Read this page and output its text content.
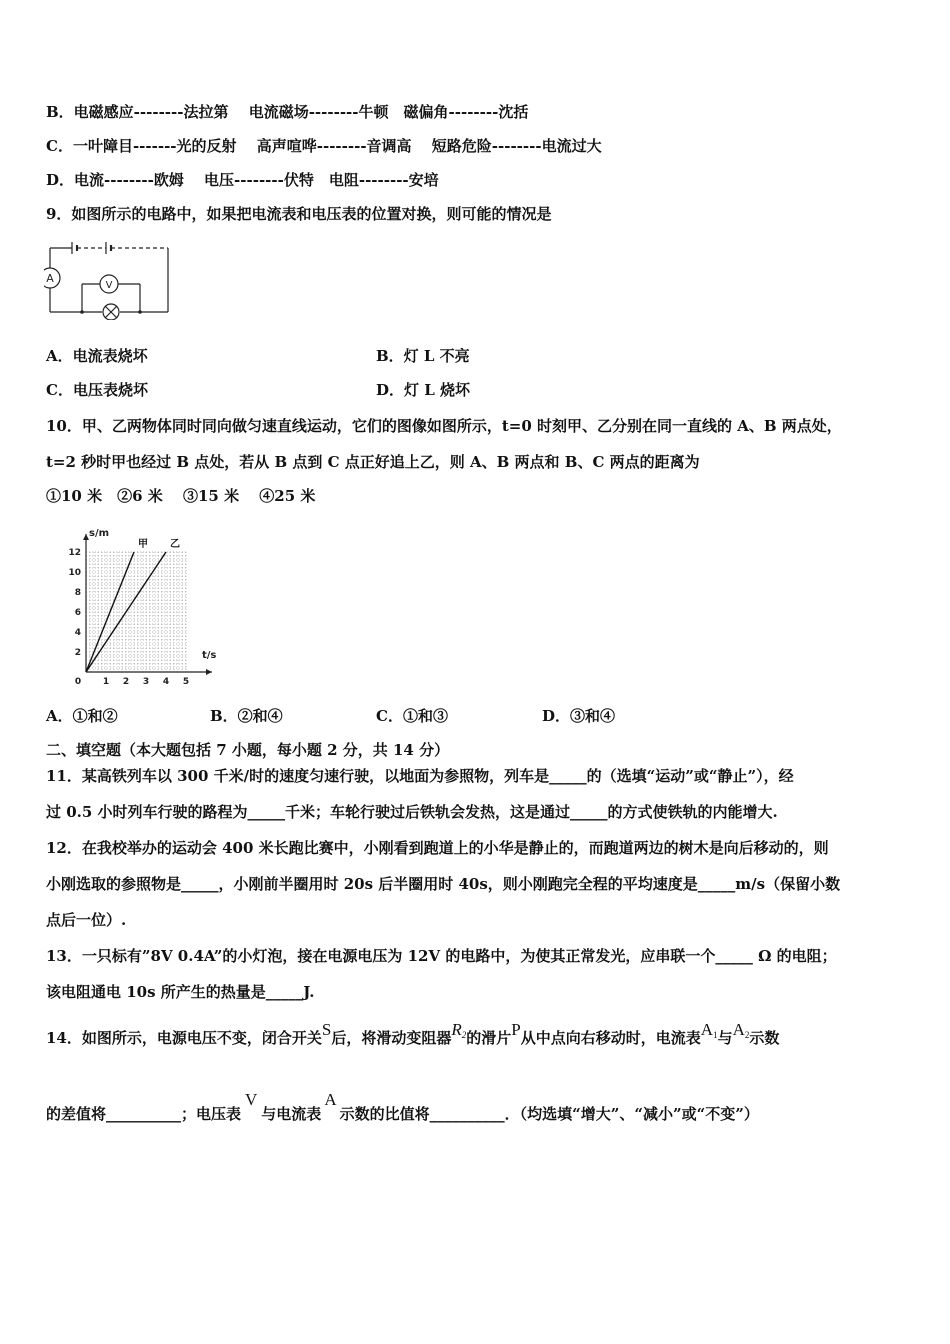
B．电磁感应--------法拉第　 电流磁场--------牛顿　磁偏角--------沈括
C．一叶障目-------光的反射　 高声喧哗--------音调高　 短路危险--------电流过大
D．电流--------欧姆　 电压--------伏特　电阻--------安培
9．如图所示的电路中，如果把电流表和电压表的位置对换，则可能的情况是
A
V
A．电流表烧坏	B．灯 L 不亮
C．电压表烧坏	D．灯 L 烧坏
10．甲、乙两物体同时同向做匀速直线运动，它们的图像如图所示，t=0 时刻甲、乙分别在同一直线的 A、B 两点处，
t=2 秒时甲也经过 B 点处，若从 B 点到 C 点正好追上乙，则 A、B 两点和 B、C 两点的距离为
①10 米　②6 米　 ③15 米　 ④25 米
0 1 2 3 4 5
2
4
6
8
10
12
甲 乙
s/m
t/s
A．①和②	B．②和④	C．①和③	D．③和④
二、填空题（本大题包括 7 小题，每小题 2 分，共 14 分）
11．某高铁列车以 300 千米/时的速度匀速行驶，以地面为参照物，列车是_____的（选填“运动”或“静止”），经
过 0.5 小时列车行驶的路程为_____千米；车轮行驶过后铁轨会发热，这是通过_____的方式使铁轨的内能增大.
12．在我校举办的运动会 400 米长跑比赛中，小刚看到跑道上的小华是静止的，而跑道两边的树木是向后移动的，则
小刚选取的参照物是_____，小刚前半圈用时 20s 后半圈用时 40s，则小刚跑完全程的平均速度是_____m/s（保留小数
点后一位）.
13．一只标有”8V 0.4A”的小灯泡，接在电源电压为 12V 的电路中，为使其正常发光，应串联一个_____ Ω 的电阻；
该电阻通电 10s 所产生的热量是_____J.
14．如图所示，电源电压不变，闭合开关S后，将滑动变阻器$R_2$的滑片P从中点向右移动时，电流表$A_1$与$A_2$示数
的差值将__________；电压表V与电流表A示数的比值将__________．（均选填“增大”、“减小”或“不变”）
